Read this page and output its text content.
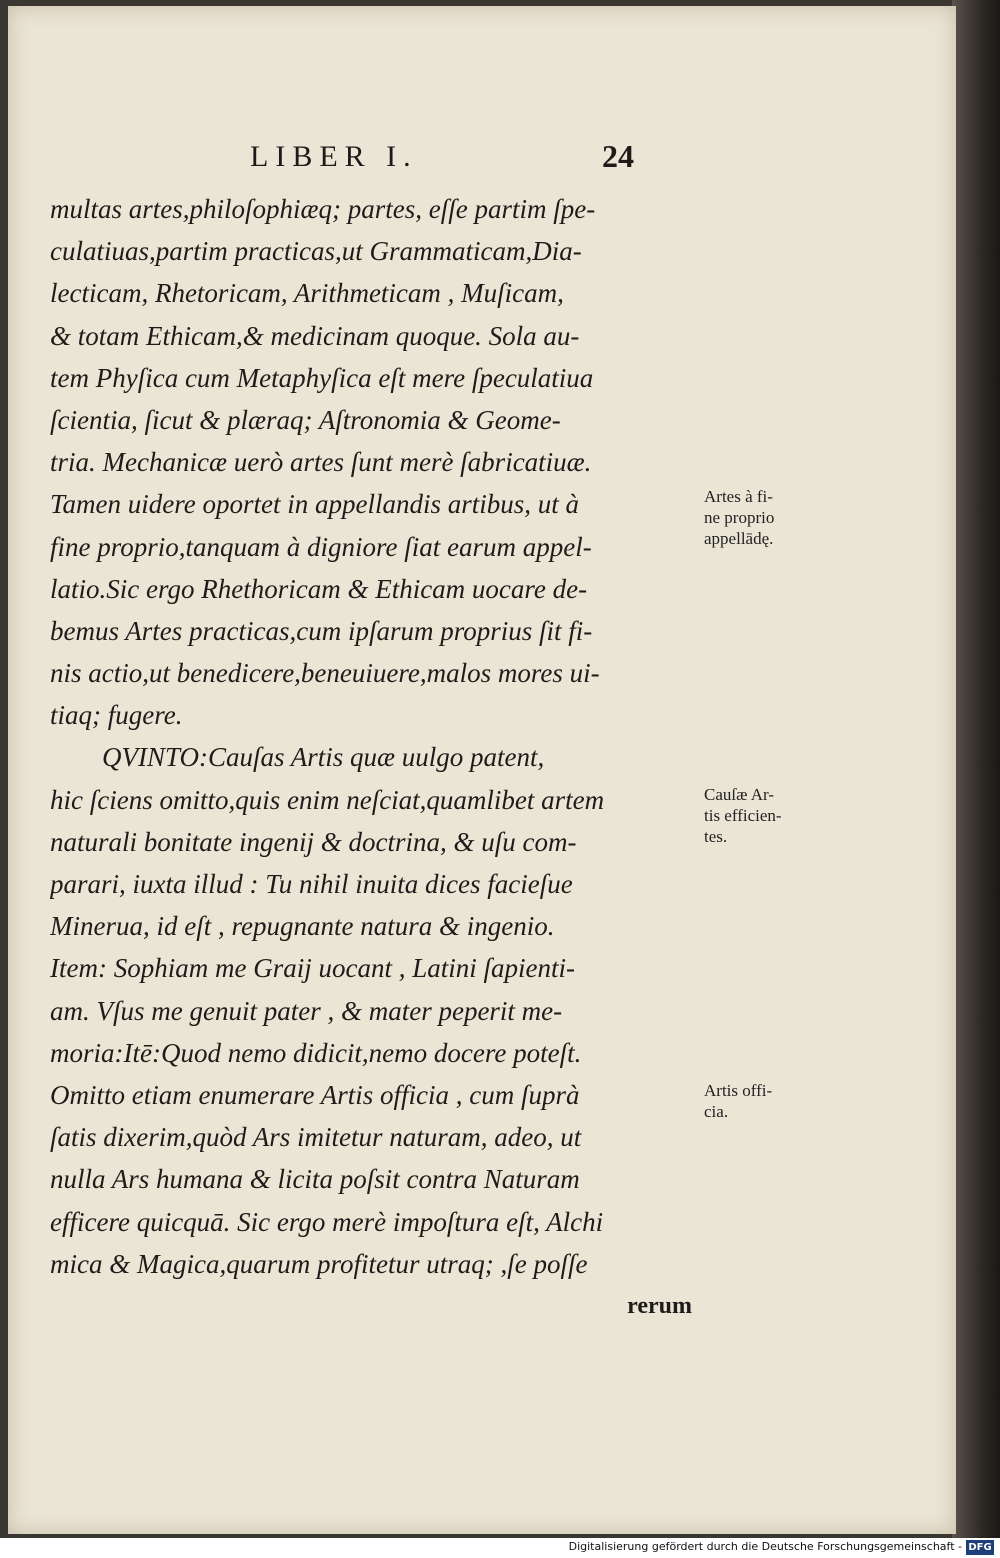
LIBER I.	24
multas artes,philoſophiæq; partes, eſſe partim ſpe-
culatiuas,partim practicas,ut Grammaticam,Dia-
lecticam, Rhetoricam, Arithmeticam , Muſicam,
& totam Ethicam,& medicinam quoque. Sola au-
tem Phyſica cum Metaphyſica eſt mere ſpeculatiua
ſcientia, ſicut & plæraq; Aſtronomia & Geome-
tria. Mechanicæ uerò artes ſunt merè ſabricatiuæ.
Tamen uidere oportet in appellandis artibus, ut à
fine proprio,tanquam à digniore ſiat earum appel-
latio.Sic ergo Rhethoricam & Ethicam uocare de-
bemus Artes practicas,cum ipſarum proprius ſit fi-
nis actio,ut benedicere,beneuiuere,malos mores ui-
tiaq; fugere.
QVINTO:Cauſas Artis quæ uulgo patent,
hic ſciens omitto,quis enim neſciat,quamlibet artem
naturali bonitate ingenij & doctrina, & uſu com-
parari, iuxta illud : Tu nihil inuita dices facieſue
Minerua, id eſt , repugnante natura & ingenio.
Item: Sophiam me Graij uocant , Latini ſapienti-
am. Vſus me genuit pater , & mater peperit me-
moria:Itē:Quod nemo didicit,nemo docere poteſt.
Omitto etiam enumerare Artis officia , cum ſuprà
ſatis dixerim,quòd Ars imitetur naturam, adeo, ut
nulla Ars humana & licita poſsit contra Naturam
efficere quicquā. Sic ergo merè impoſtura eſt, Alchi
mica & Magica,quarum profitetur utraq; ,ſe poſſe
rerum
Artes à fi-
ne proprio
appellādę.
Cauſæ Ar-
tis efficien-
tes.
Artis offi-
cia.
Digitalisierung gefördert durch die Deutsche Forschungsgemeinschaft - DFG
